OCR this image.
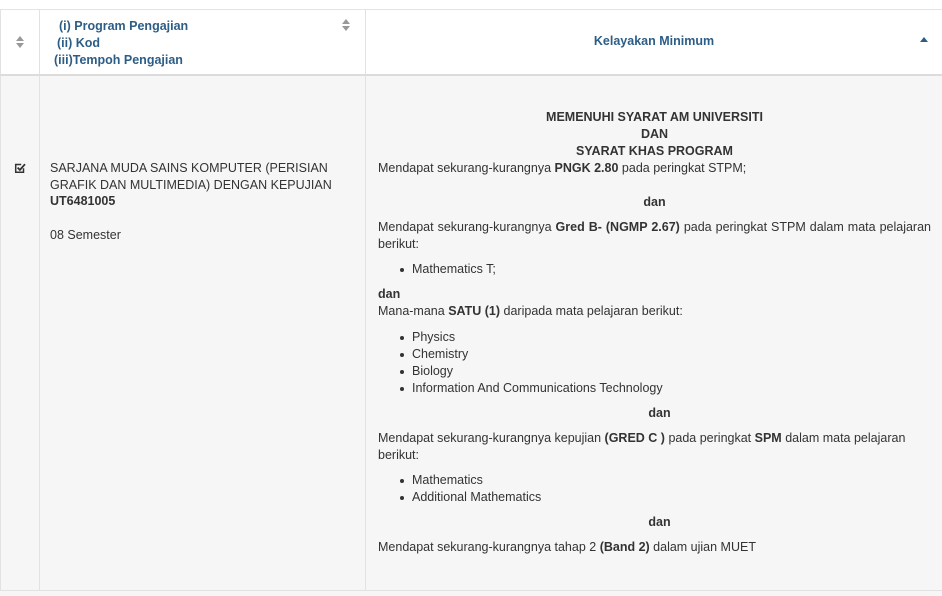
(i) Program Pengajian
(ii) Kod
(iii)Tempoh Pengajian
Kelayakan Minimum
SARJANA MUDA SAINS KOMPUTER (PERISIAN GRAFIK DAN MULTIMEDIA) DENGAN KEPUJIAN
UT6481005
08 Semester
MEMENUHI SYARAT AM UNIVERSITI
DAN
SYARAT KHAS PROGRAM

Mendapat sekurang-kurangnya PNGK 2.80 pada peringkat STPM;

dan

Mendapat sekurang-kurangnya Gred B- (NGMP 2.67) pada peringkat STPM dalam mata pelajaran berikut:

Mathematics T;
dan

Mana-mana SATU (1) daripada mata pelajaran berikut:

Physics
Chemistry
Biology
Information And Communications Technology
dan

Mendapat sekurang-kurangnya kepujian (GRED C ) pada peringkat SPM dalam mata pelajaran berikut:

Mathematics
Additional Mathematics
dan

Mendapat sekurang-kurangnya tahap 2 (Band 2) dalam ujian MUET
